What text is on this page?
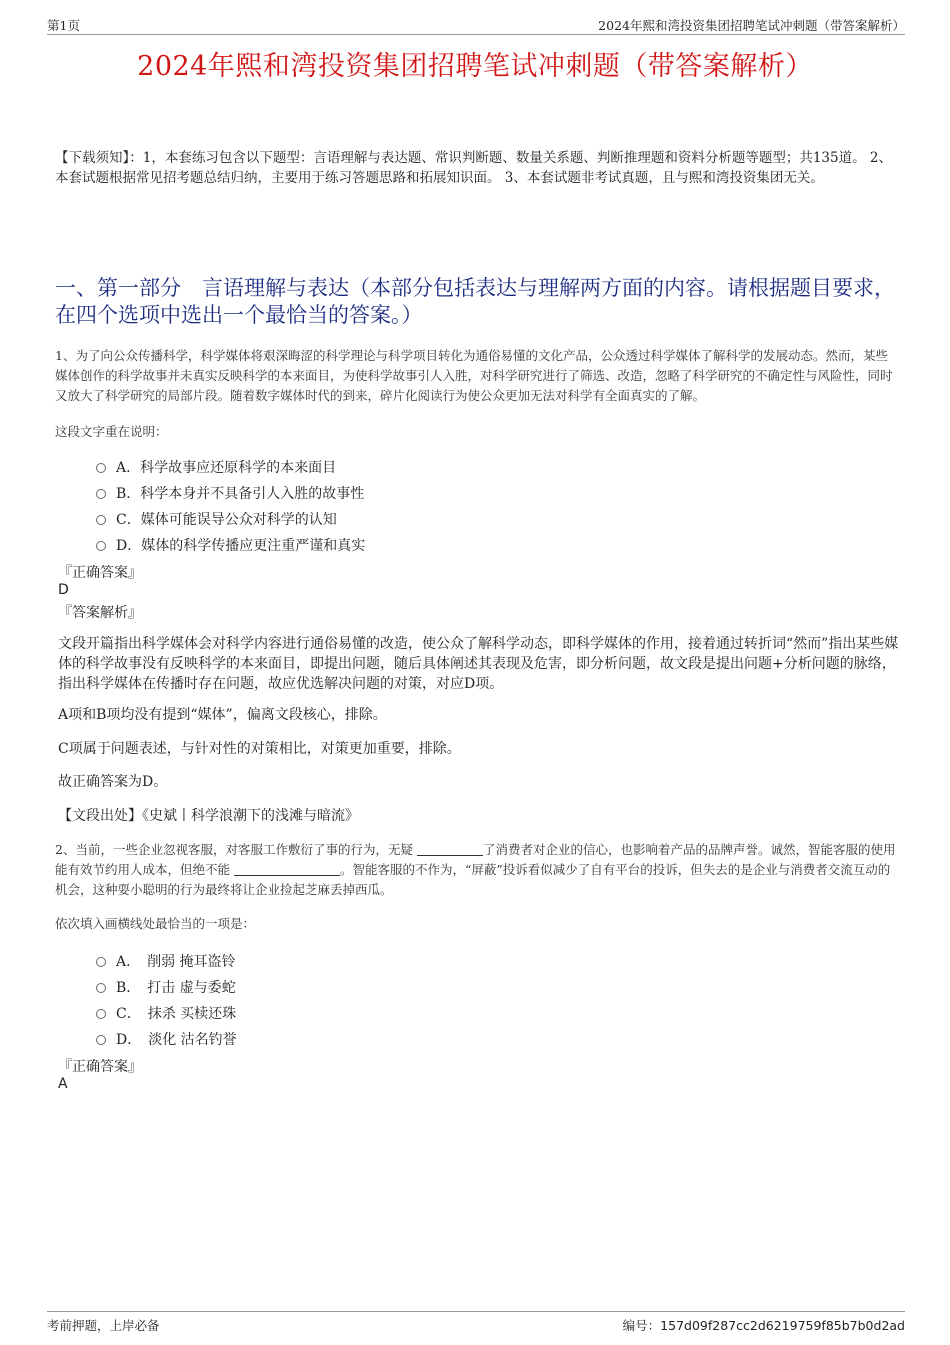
第1页	2024年熙和湾投资集团招聘笔试冲刺题（带答案解析）
2024年熙和湾投资集团招聘笔试冲刺题（带答案解析）
【下载须知】：1，本套练习包含以下题型：言语理解与表达题、常识判断题、数量关系题、判断推理题和资料分析题等题型；共135道。 2、本套试题根据常见招考题总结归纳，主要用于练习答题思路和拓展知识面。 3、本套试题非考试真题，且与熙和湾投资集团无关。
一、第一部分　言语理解与表达（本部分包括表达与理解两方面的内容。请根据题目要求，在四个选项中选出一个最恰当的答案。）
1、为了向公众传播科学，科学媒体将艰深晦涩的科学理论与科学项目转化为通俗易懂的文化产品，公众透过科学媒体了解科学的发展动态。然而，某些媒体创作的科学故事并未真实反映科学的本来面目，为使科学故事引人入胜，对科学研究进行了筛选、改造，忽略了科学研究的不确定性与风险性，同时又放大了科学研究的局部片段。随着数字媒体时代的到来，碎片化阅读行为使公众更加无法对科学有全面真实的了解。
这段文字重在说明：
A．科学故事应还原科学的本来面目
B．科学本身并不具备引人入胜的故事性
C．媒体可能误导公众对科学的认知
D．媒体的科学传播应更注重严谨和真实
『正确答案』
D
『答案解析』
文段开篇指出科学媒体会对科学内容进行通俗易懂的改造，使公众了解科学动态，即科学媒体的作用，接着通过转折词“然而”指出某些媒体的科学故事没有反映科学的本来面目，即提出问题，随后具体阐述其表现及危害，即分析问题，故文段是提出问题+分析问题的脉络，指出科学媒体在传播时存在问题，故应优选解决问题的对策，对应D项。
A项和B项均没有提到“媒体”，偏离文段核心，排除。
C项属于问题表述，与针对性的对策相比，对策更加重要，排除。
故正确答案为D。
【文段出处】《史斌丨科学浪潮下的浅滩与暗流》
2、当前，一些企业忽视客服，对客服工作敷衍了事的行为，无疑	了消费者对企业的信心，也影响着产品的品牌声誉。诚然，智能客服的使用能有效节约用人成本，但绝不能	。智能客服的不作为，“屏蔽”投诉看似减少了自有平台的投诉，但失去的是企业与消费者交流互动的机会，这种耍小聪明的行为最终将让企业捡起芝麻丢掉西瓜。
依次填入画横线处最恰当的一项是：
A．　削弱 掩耳盗铃
B．　打击 虚与委蛇
C．　抹杀 买椟还珠
D．　淡化 沽名钓誉
『正确答案』
A
考前押题，上岸必备	编号：157d09f287cc2d6219759f85b7b0d2ad
